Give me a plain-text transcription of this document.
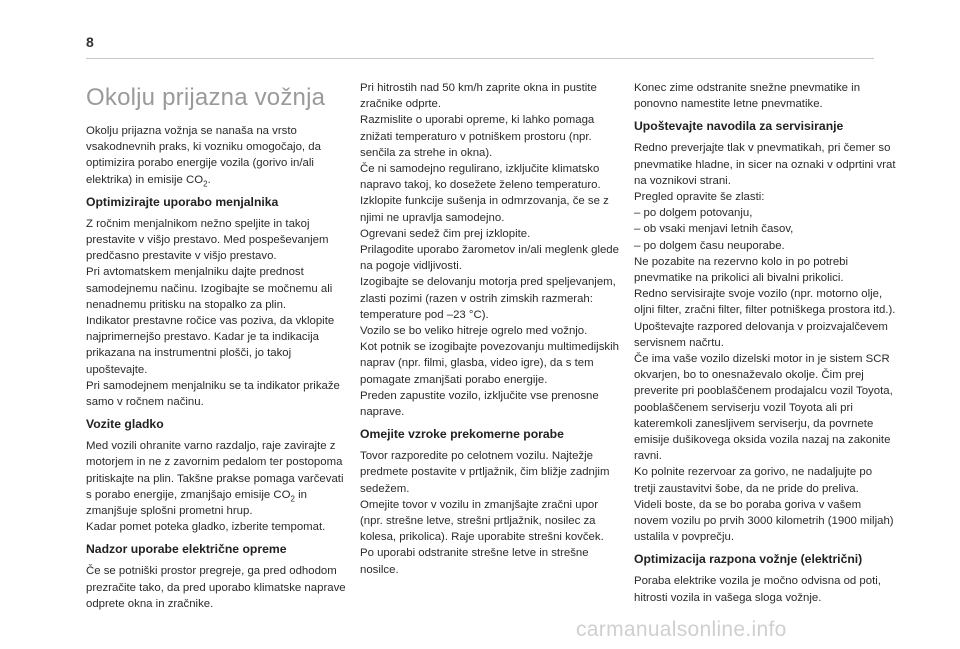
8
Okolju prijazna vožnja

Okolju prijazna vožnja se nanaša na vrsto vsakodnevnih praks, ki vozniku omogočajo, da optimizira porabo energije vozila (gorivo in/ali elektrika) in emisije $CO_2$.

Optimizirajte uporabo menjalnika

Z ročnim menjalnikom nežno speljite in takoj prestavite v višjo prestavo. Med pospeševanjem predčasno prestavite v višjo prestavo.

Pri avtomatskem menjalniku dajte prednost samodejnemu načinu. Izogibajte se močnemu ali nenadnemu pritisku na stopalko za plin.

Indikator prestavne ročice vas poziva, da vklopite najprimernejšo prestavo. Kadar je ta indikacija prikazana na instrumentni plošči, jo takoj upoštevajte.

Pri samodejnem menjalniku se ta indikator prikaže samo v ročnem načinu.

Vozite gladko

Med vozili ohranite varno razdaljo, raje zavirajte z motorjem in ne z zavornim pedalom ter postopoma pritiskajte na plin. Takšne prakse pomaga varčevati s porabo energije, zmanjšajo emisije $CO_2$ in zmanjšuje splošni prometni hrup.

Kadar pomet poteka gladko, izberite tempomat.

Nadzor uporabe električne opreme

Če se potniški prostor pregreje, ga pred odhodom prezračite tako, da pred uporabo klimatske naprave odprete okna in zračnike.

Pri hitrostih nad 50 km/h zaprite okna in pustite zračnike odprte.

Razmislite o uporabi opreme, ki lahko pomaga znižati temperaturo v potniškem prostoru (npr. senčila za strehe in okna).

Če ni samodejno regulirano, izključite klimatsko napravo takoj, ko dosežete želeno temperaturo.

Izklopite funkcije sušenja in odmrzovanja, če se z njimi ne upravlja samodejno.

Ogrevani sedež čim prej izklopite.

Prilagodite uporabo žarometov in/ali meglenk glede na pogoje vidljivosti.

Izogibajte se delovanju motorja pred speljevanjem, zlasti pozimi (razen v ostrih zimskih razmerah: temperature pod –23 °C).

Vozilo se bo veliko hitreje ogrelo med vožnjo.

Kot potnik se izogibajte povezovanju multimedijskih naprav (npr. filmi, glasba, video igre), da s tem pomagate zmanjšati porabo energije.

Preden zapustite vozilo, izključite vse prenosne naprave.

Omejite vzroke prekomerne porabe

Tovor razporedite po celotnem vozilu. Najtežje predmete postavite v prtljažnik, čim bližje zadnjim sedežem.

Omejite tovor v vozilu in zmanjšajte zračni upor (npr. strešne letve, strešni prtljažnik, nosilec za kolesa, prikolica). Raje uporabite strešni kovček.

Po uporabi odstranite strešne letve in strešne nosilce.

Konec zime odstranite snežne pnevmatike in ponovno namestite letne pnevmatike.

Upoštevajte navodila za servisiranje

Redno preverjajte tlak v pnevmatikah, pri čemer so pnevmatike hladne, in sicer na oznaki v odprtini vrat na voznikovi strani.

Pregled opravite še zlasti:

– po dolgem potovanju,

– ob vsaki menjavi letnih časov,

– po dolgem času neuporabe.

Ne pozabite na rezervno kolo in po potrebi pnevmatike na prikolici ali bivalni prikolici.

Redno servisirajte svoje vozilo (npr. motorno olje, oljni filter, zračni filter, filter potniškega prostora itd.). Upoštevajte razpored delovanja v proizvajalčevem servisnem načrtu.

Če ima vaše vozilo dizelski motor in je sistem SCR okvarjen, bo to onesnaževalo okolje. Čim prej preverite pri pooblaščenem prodajalcu vozil Toyota, pooblaščenem serviserju vozil Toyota ali pri kateremkoli zanesljivem serviserju, da povrnete emisije dušikovega oksida vozila nazaj na zakonite ravni.

Ko polnite rezervoar za gorivo, ne nadaljujte po tretji zaustavitvi šobe, da ne pride do preliva.

Videli boste, da se bo poraba goriva v vašem novem vozilu po prvih 3000 kilometrih (1900 miljah) ustalila v povprečju.

Optimizacija razpona vožnje (električni)

Poraba elektrike vozila je močno odvisna od poti, hitrosti vozila in vašega sloga vožnje.

carmanualsonline.info
